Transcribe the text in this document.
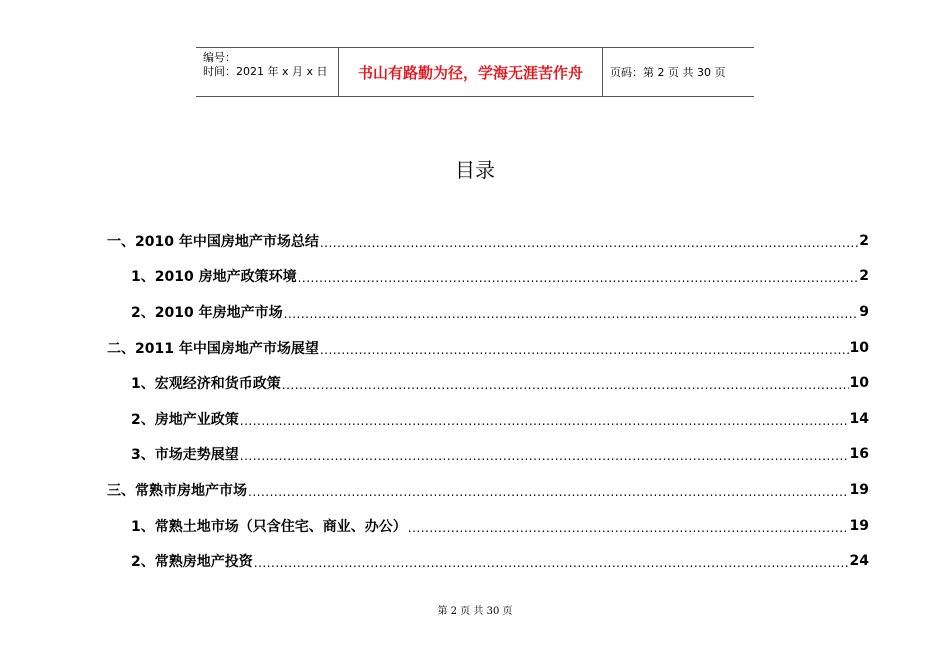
编号：
时间：2021 年 x 月 x 日	书山有路勤为径，学海无涯苦作舟	页码：第 2 页 共 30 页
目录
一、2010 年中国房地产市场总结 .....	2
1、2010 房地产政策环境 .....	2
2、2010 年房地产市场 .....	9
二、2011 年中国房地产市场展望 .....	10
1、宏观经济和货币政策 .....	10
2、房地产业政策 .....	14
3、市场走势展望 .....	16
三、常熟市房地产市场 .....	19
1、常熟土地市场（只含住宅、商业、办公） .....	19
2、常熟房地产投资 .....	24
第 2 页 共 30 页
